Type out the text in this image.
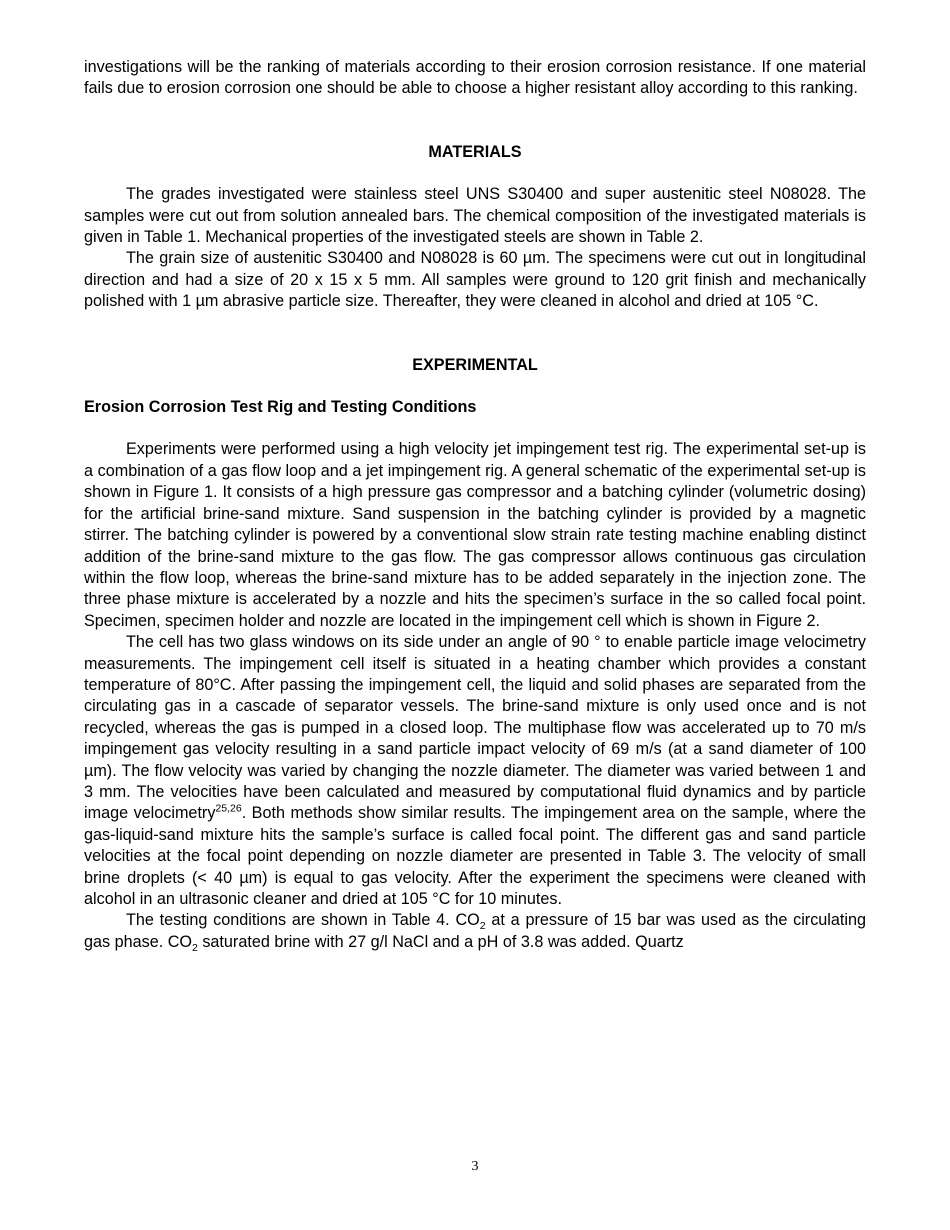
investigations will be the ranking of materials according to their erosion corrosion resistance. If one material fails due to erosion corrosion one should be able to choose a higher resistant alloy according to this ranking.

MATERIALS

The grades investigated were stainless steel UNS S30400 and super austenitic steel N08028. The samples were cut out from solution annealed bars. The chemical composition of the investigated materials is given in Table 1. Mechanical properties of the investigated steels are shown in Table 2.

The grain size of austenitic S30400 and N08028 is 60 µm. The specimens were cut out in longitudinal direction and had a size of 20 x 15 x 5 mm. All samples were ground to 120 grit finish and mechanically polished with 1 µm abrasive particle size. Thereafter, they were cleaned in alcohol and dried at 105 °C.

EXPERIMENTAL
Erosion Corrosion Test Rig and Testing Conditions

Experiments were performed using a high velocity jet impingement test rig. The experimental set-up is a combination of a gas flow loop and a jet impingement rig. A general schematic of the experimental set-up is shown in Figure 1. It consists of a high pressure gas compressor and a batching cylinder (volumetric dosing) for the artificial brine-sand mixture. Sand suspension in the batching cylinder is provided by a magnetic stirrer. The batching cylinder is powered by a conventional slow strain rate testing machine enabling distinct addition of the brine-sand mixture to the gas flow. The gas compressor allows continuous gas circulation within the flow loop, whereas the brine-sand mixture has to be added separately in the injection zone. The three phase mixture is accelerated by a nozzle and hits the specimen’s surface in the so called focal point. Specimen, specimen holder and nozzle are located in the impingement cell which is shown in Figure 2.

The cell has two glass windows on its side under an angle of 90 ° to enable particle image velocimetry measurements. The impingement cell itself is situated in a heating chamber which provides a constant temperature of 80°C. After passing the impingement cell, the liquid and solid phases are separated from the circulating gas in a cascade of separator vessels. The brine-sand mixture is only used once and is not recycled, whereas the gas is pumped in a closed loop. The multiphase flow was accelerated up to 70 m/s impingement gas velocity resulting in a sand particle impact velocity of 69 m/s (at a sand diameter of 100 µm). The flow velocity was varied by changing the nozzle diameter. The diameter was varied between 1 and 3 mm. The velocities have been calculated and measured by computational fluid dynamics and by particle image velocimetry$^{25,26}$. Both methods show similar results. The impingement area on the sample, where the gas-liquid-sand mixture hits the sample’s surface is called focal point. The different gas and sand particle velocities at the focal point depending on nozzle diameter are presented in Table 3. The velocity of small brine droplets (< 40 µm) is equal to gas velocity. After the experiment the specimens were cleaned with alcohol in an ultrasonic cleaner and dried at 105 °C for 10 minutes.

The testing conditions are shown in Table 4. $CO_2$ at a pressure of 15 bar was used as the circulating gas phase. $CO_2$ saturated brine with 27 g/l NaCl and a pH of 3.8 was added. Quartz

3
